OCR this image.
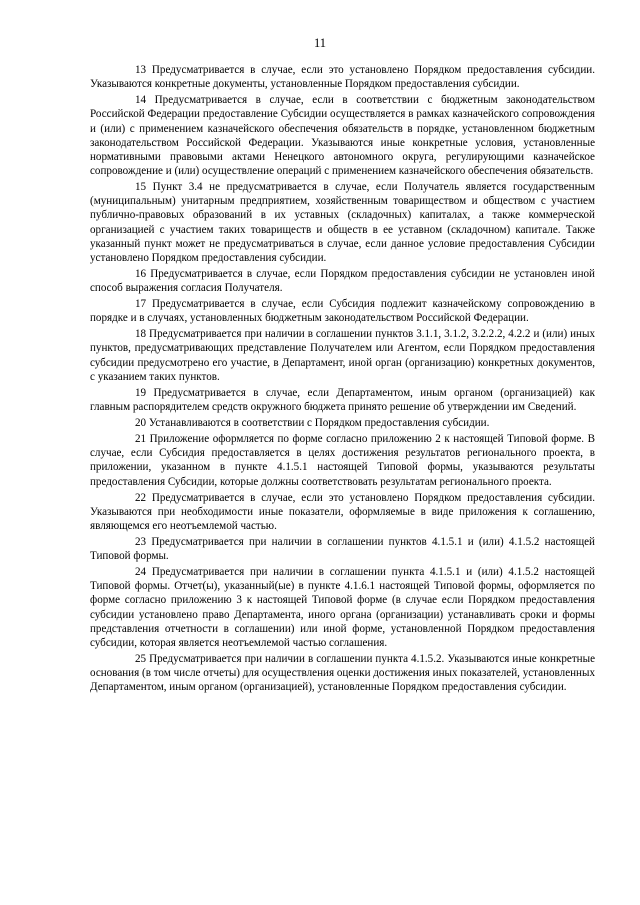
11

13 Предусматривается в случае, если это установлено Порядком предоставления субсидии. Указываются конкретные документы, установленные Порядком предоставления субсидии.

14 Предусматривается в случае, если в соответствии с бюджетным законодательством Российской Федерации предоставление Субсидии осуществляется в рамках казначейского сопровождения и (или) с применением казначейского обеспечения обязательств в порядке, установленном бюджетным законодательством Российской Федерации. Указываются иные конкретные условия, установленные нормативными правовыми актами Ненецкого автономного округа, регулирующими казначейское сопровождение и (или) осуществление операций с применением казначейского обеспечения обязательств.

15 Пункт 3.4 не предусматривается в случае, если Получатель является государственным (муниципальным) унитарным предприятием, хозяйственным товариществом и обществом с участием публично-правовых образований в их уставных (складочных) капиталах, а также коммерческой организацией с участием таких товариществ и обществ в ее уставном (складочном) капитале. Также указанный пункт может не предусматриваться в случае, если данное условие предоставления Субсидии установлено Порядком предоставления субсидии.

16 Предусматривается в случае, если Порядком предоставления субсидии не установлен иной способ выражения согласия Получателя.

17 Предусматривается в случае, если Субсидия подлежит казначейскому сопровождению в порядке и в случаях, установленных бюджетным законодательством Российской Федерации.

18 Предусматривается при наличии в соглашении пунктов 3.1.1, 3.1.2, 3.2.2.2, 4.2.2 и (или) иных пунктов, предусматривающих представление Получателем или Агентом, если Порядком предоставления субсидии предусмотрено его участие, в Департамент, иной орган (организацию) конкретных документов, с указанием таких пунктов.

19 Предусматривается в случае, если Департаментом, иным органом (организацией) как главным распорядителем средств окружного бюджета принято решение об утверждении им Сведений.

20 Устанавливаются в соответствии с Порядком предоставления субсидии.

21 Приложение оформляется по форме согласно приложению 2 к настоящей Типовой форме. В случае, если Субсидия предоставляется в целях достижения результатов регионального проекта, в приложении, указанном в пункте 4.1.5.1 настоящей Типовой формы, указываются результаты предоставления Субсидии, которые должны соответствовать результатам регионального проекта.

22 Предусматривается в случае, если это установлено Порядком предоставления субсидии. Указываются при необходимости иные показатели, оформляемые в виде приложения к соглашению, являющемся его неотъемлемой частью.

23 Предусматривается при наличии в соглашении пунктов 4.1.5.1 и (или) 4.1.5.2 настоящей Типовой формы.

24 Предусматривается при наличии в соглашении пункта 4.1.5.1 и (или) 4.1.5.2 настоящей Типовой формы. Отчет(ы), указанный(ые) в пункте 4.1.6.1 настоящей Типовой формы, оформляется по форме согласно приложению 3 к настоящей Типовой форме (в случае если Порядком предоставления субсидии установлено право Департамента, иного органа (организации) устанавливать сроки и формы представления отчетности в соглашении) или иной форме, установленной Порядком предоставления субсидии, которая является неотъемлемой частью соглашения.

25 Предусматривается при наличии в соглашении пункта 4.1.5.2. Указываются иные конкретные основания (в том числе отчеты) для осуществления оценки достижения иных показателей, установленных Департаментом, иным органом (организацией), установленные Порядком предоставления субсидии.
